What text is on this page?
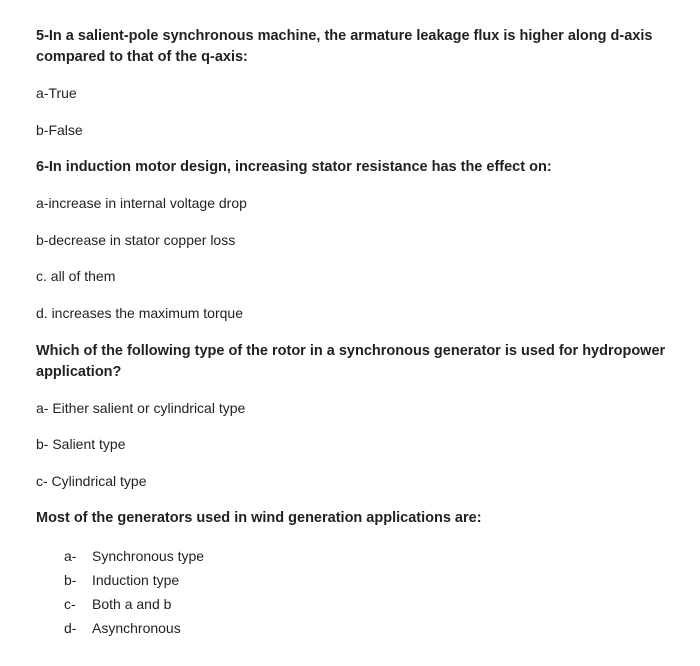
5-In a salient-pole synchronous machine, the armature leakage flux is higher along d-axis compared to that of the q-axis:

a-True

b-False

6-In induction motor design, increasing stator resistance has the effect on:

a-increase in internal voltage drop

b-decrease in stator copper loss

c. all of them

d. increases the maximum torque

Which of the following type of the rotor in a synchronous generator is used for hydropower application?

a- Either salient or cylindrical type

b- Salient type

c- Cylindrical type

Most of the generators used in wind generation applications are:

a-	Synchronous type
b-	Induction type
c-	Both a and b
d-	Asynchronous
